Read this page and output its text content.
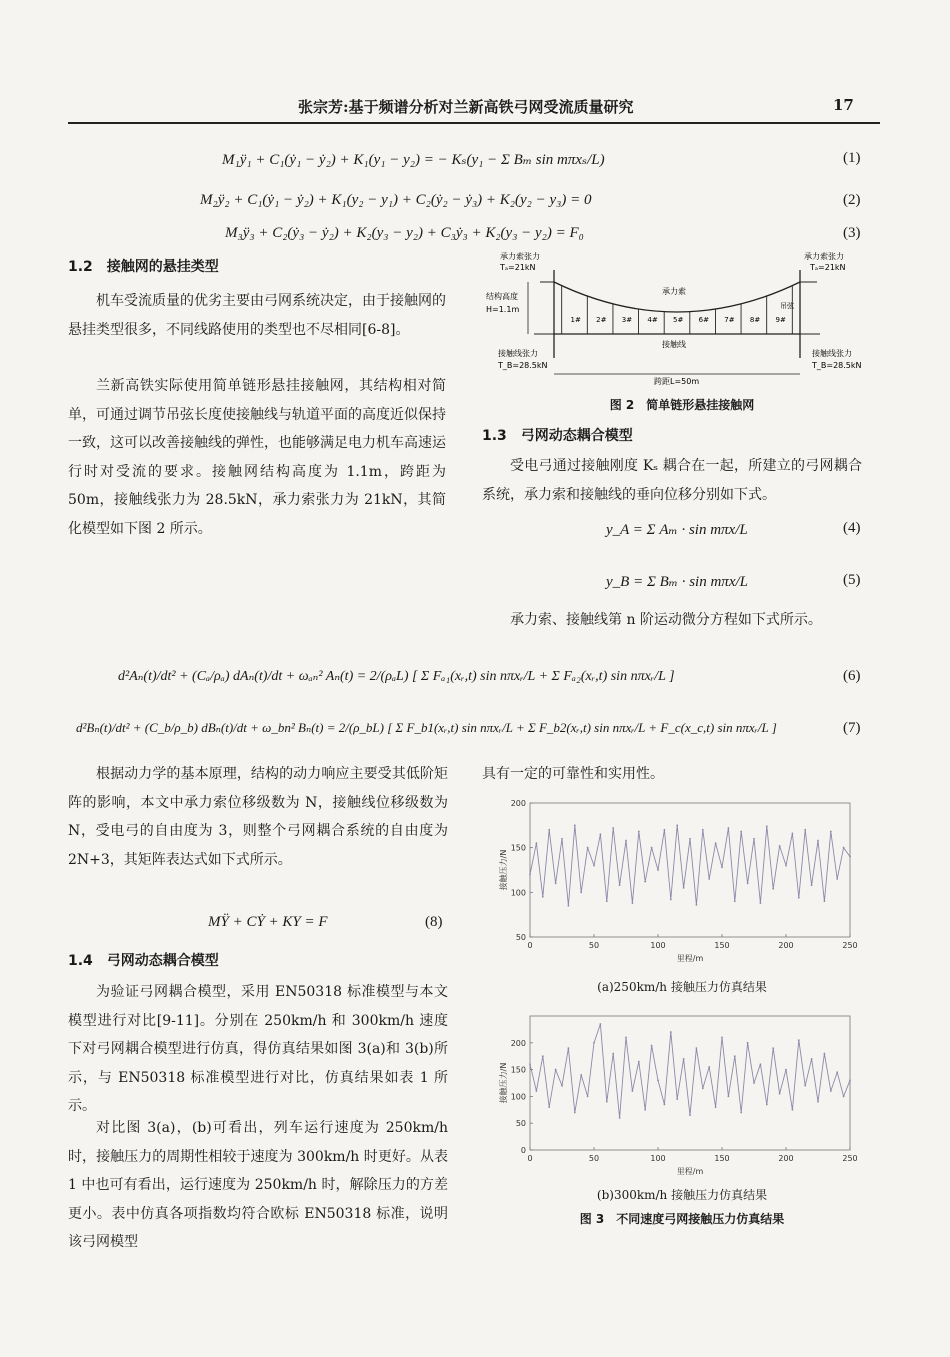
张宗芳:基于频谱分析对兰新高铁弓网受流质量研究	17
M₁ÿ₁ + C₁(ẏ₁ − ẏ₂) + K₁(y₁ − y₂) = − Kₛ(y₁ − Σ Bₘ sin mπxₛ/L)	(1)
M₂ÿ₂ + C₁(ẏ₁ − ẏ₂) + K₁(y₂ − y₁) + C₂(ẏ₂ − ẏ₃) + K₂(y₂ − y₃) = 0	(2)
M₃ÿ₃ + C₂(ẏ₃ − ẏ₂) + K₂(y₃ − y₂) + C₃ẏ₃ + K₂(y₃ − y₂) = F₀	(3)
1.2　接触网的悬挂类型
机车受流质量的优劣主要由弓网系统决定，由于接触网的悬挂类型很多，不同线路使用的类型也不尽相同[6-8]。
兰新高铁实际使用简单链形悬挂接触网，其结构相对简单，可通过调节吊弦长度使接触线与轨道平面的高度近似保持一致，这可以改善接触线的弹性，也能够满足电力机车高速运行时对受流的要求。接触网结构高度为 1.1m，跨距为 50m，接触线张力为 28.5kN，承力索张力为 21kN，其简化模型如下图 2 所示。
承力索张力
Tₐ=21kN
承力索张力
Tₐ=21kN
结构高度
H=1.1m
承力索
接触线
1# 2# 3# 4# 5# 6# 7# 8# 9#
吊弦
接触线张力
T_B=28.5kN
接触线张力
T_B=28.5kN
跨距L=50m
图 2　简单链形悬挂接触网
1.3　弓网动态耦合模型
受电弓通过接触刚度 Kₛ 耦合在一起，所建立的弓网耦合系统，承力索和接触线的垂向位移分别如下式。
y_A = Σ Aₘ · sin mπx/L	(4)
y_B = Σ Bₘ · sin mπx/L	(5)
承力索、接触线第 n 阶运动微分方程如下式所示。
d²Aₙ(t)/dt² + (Cₐ/ρₐ) dAₙ(t)/dt + ωₐₙ² Aₙ(t) = 2/(ρₐL) [ Σ Fₐ₁(xᵣ,t) sin nπxᵣ/L + Σ Fₐ₂(xᵣ,t) sin nπxᵣ/L ]	(6)
d²Bₙ(t)/dt² + (C_b/ρ_b) dBₙ(t)/dt + ω_bn² Bₙ(t) = 2/(ρ_bL) [ Σ F_b1(xᵣ,t) sin nπxᵣ/L + Σ F_b2(xᵣ,t) sin nπxᵣ/L + F_c(x_c,t) sin nπxᵣ/L ]	(7)
根据动力学的基本原理，结构的动力响应主要受其低阶矩阵的影响，本文中承力索位移级数为 N，接触线位移级数为 N，受电弓的自由度为 3，则整个弓网耦合系统的自由度为 2N+3，其矩阵表达式如下式所示。
MŸ + CẎ + KY = F	(8)
1.4　弓网动态耦合模型
为验证弓网耦合模型，采用 EN50318 标准模型与本文模型进行对比[9-11]。分别在 250km/h 和 300km/h 速度下对弓网耦合模型进行仿真，得仿真结果如图 3(a)和 3(b)所示，与 EN50318 标准模型进行对比，仿真结果如表 1 所示。
对比图 3(a)，(b)可看出，列车运行速度为 250km/h 时，接触压力的周期性相较于速度为 300km/h 时更好。从表 1 中也可有看出，运行速度为 250km/h 时，解除压力的方差更小。表中仿真各项指数均符合欧标 EN50318 标准，说明该弓网模型
具有一定的可靠性和实用性。
0	50	100	150	200	250
50
100
150
200
里程/m
接触压力/N
(a)250km/h 接触压力仿真结果
0	50	100	150	200	250
0
50
100
150
200
里程/m
接触压力/N
(b)300km/h 接触压力仿真结果
图 3　不同速度弓网接触压力仿真结果
